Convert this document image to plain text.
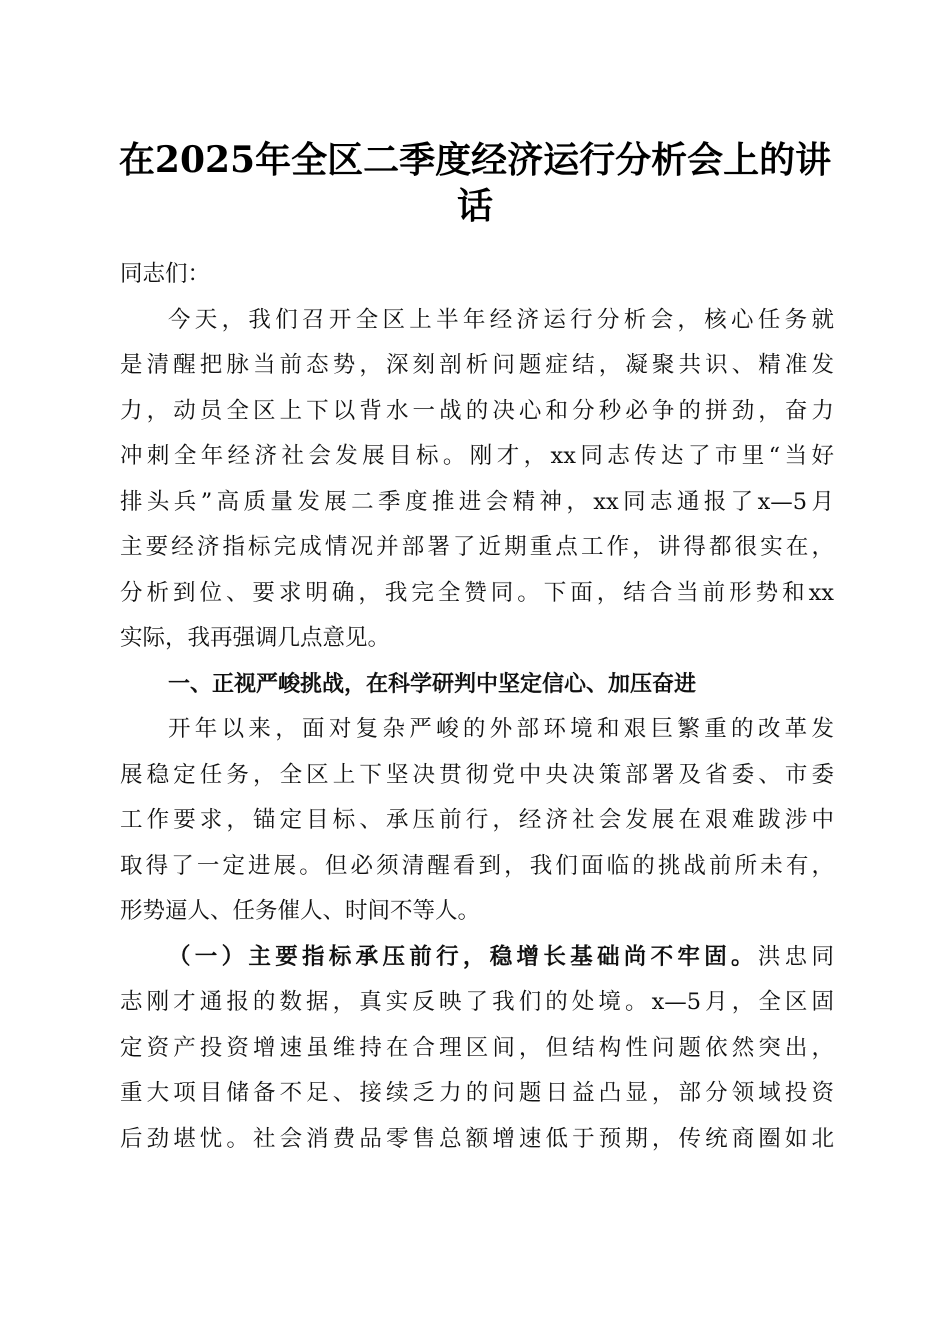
在2025年全区二季度经济运行分析会上的讲
话
同志们：
今天，我们召开全区上半年经济运行分析会，核心任务就
是清醒把脉当前态势，深刻剖析问题症结，凝聚共识、精准发
力，动员全区上下以背水一战的决心和分秒必争的拼劲，奋力
冲刺全年经济社会发展目标。刚才，xx同志传达了市里“当好
排头兵”高质量发展二季度推进会精神，xx同志通报了x—5月
主要经济指标完成情况并部署了近期重点工作，讲得都很实在，
分析到位、要求明确，我完全赞同。下面，结合当前形势和xx
实际，我再强调几点意见。
一、正视严峻挑战，在科学研判中坚定信心、加压奋进
开年以来，面对复杂严峻的外部环境和艰巨繁重的改革发
展稳定任务，全区上下坚决贯彻党中央决策部署及省委、市委
工作要求，锚定目标、承压前行，经济社会发展在艰难跋涉中
取得了一定进展。但必须清醒看到，我们面临的挑战前所未有，
形势逼人、任务催人、时间不等人。
（一）主要指标承压前行，稳增长基础尚不牢固。洪忠同
志刚才通报的数据，真实反映了我们的处境。x—5月，全区固
定资产投资增速虽维持在合理区间，但结构性问题依然突出，
重大项目储备不足、接续乏力的问题日益凸显，部分领域投资
后劲堪忧。社会消费品零售总额增速低于预期，传统商圈如北
